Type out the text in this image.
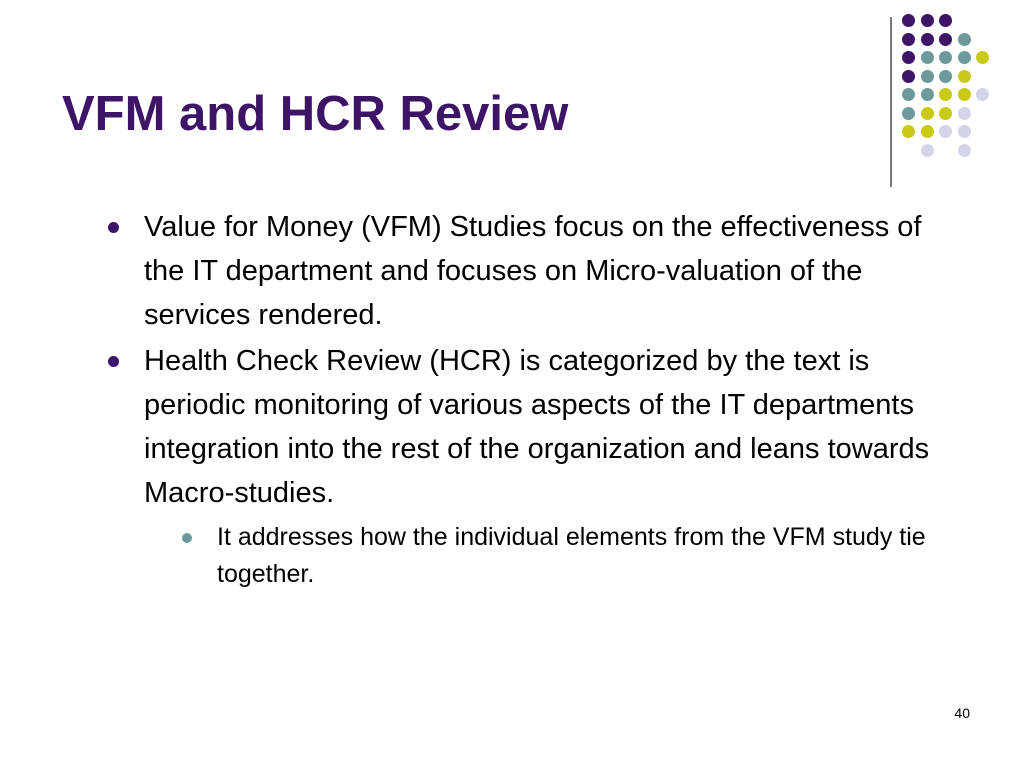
VFM and HCR Review
Value for Money (VFM) Studies focus on the effectiveness of the IT department and focuses on Micro-valuation of the services rendered.
Health Check Review (HCR) is categorized by the text is periodic monitoring of various aspects of the IT departments integration into the rest of the organization and leans towards Macro-studies.
It addresses how the individual elements from the VFM study tie together.
40
